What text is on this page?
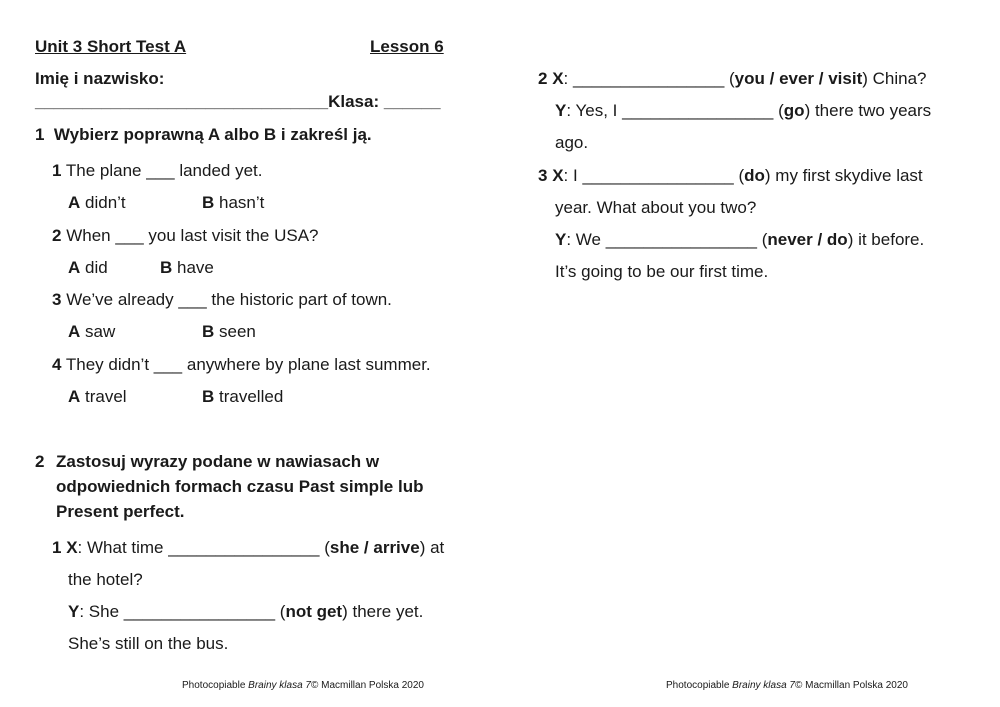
Unit 3 Short Test A	Lesson 6
Imię i nazwisko:
_______________________________Klasa: ______
1 Wybierz poprawną A albo B i zakreśl ją.
1 The plane ___ landed yet.
A didn’t	B hasn’t
2 When ___ you last visit the USA?
A did	B have
3 We’ve already ___ the historic part of town.
A saw	B seen
4 They didn’t ___ anywhere by plane last summer.
A travel	B travelled
2 Zastosuj wyrazy podane w nawiasach w
odpowiednich formach czasu Past simple lub
Present perfect.
1 X: What time ________________ (she / arrive) at
the hotel?
Y: She ________________ (not get) there yet.
She’s still on the bus.
2 X: ________________ (you / ever / visit) China?
Y: Yes, I ________________ (go) there two years
ago.
3 X: I ________________ (do) my first skydive last
year. What about you two?
Y: We ________________ (never / do) it before.
It’s going to be our first time.
Photocopiable Brainy klasa 7© Macmillan Polska 2020	Photocopiable Brainy klasa 7© Macmillan Polska 2020
